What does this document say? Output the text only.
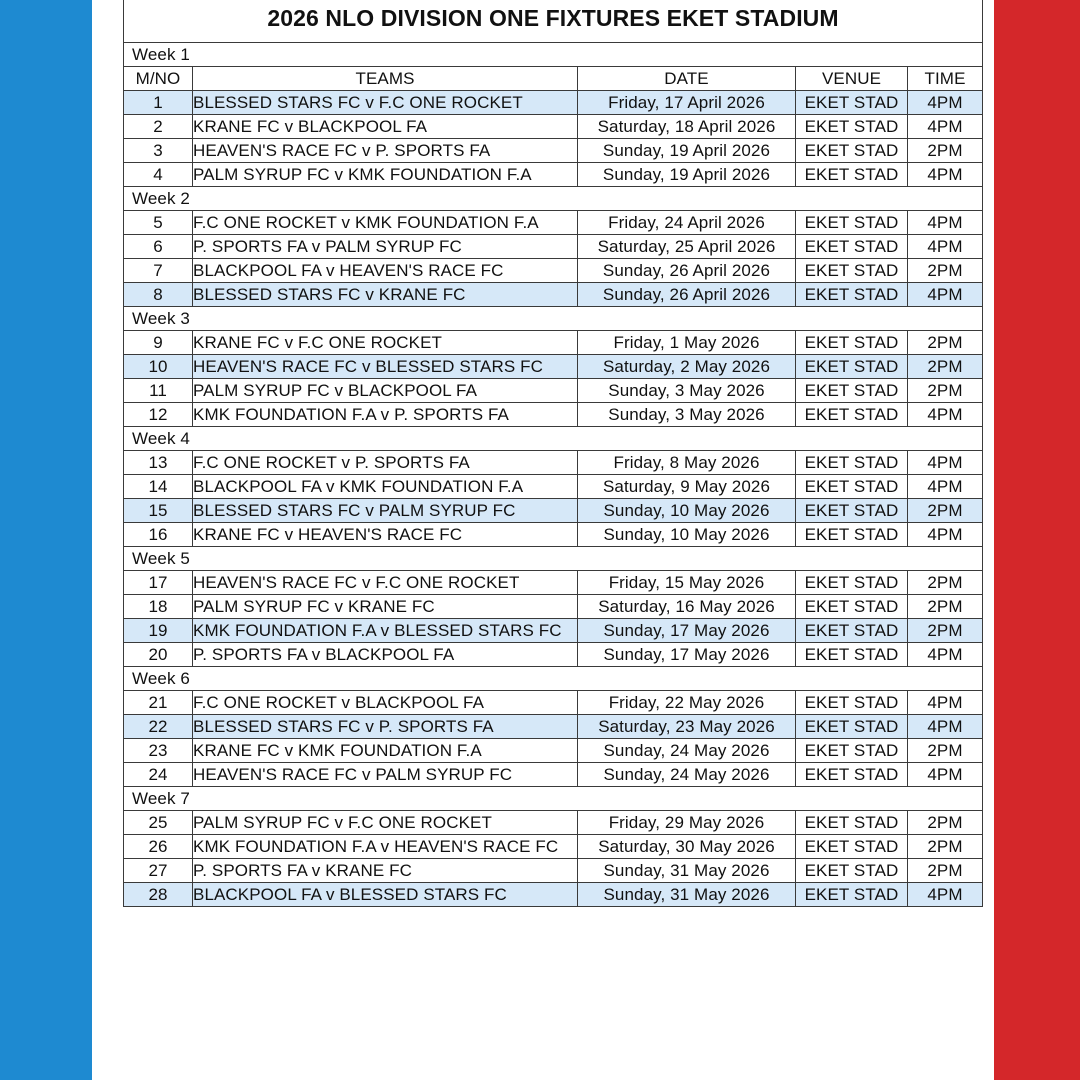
2026 NLO DIVISION ONE FIXTURES EKET STADIUM				
Week 1				
M/NO	TEAMS	DATE	VENUE	TIME
1	BLESSED STARS FC v F.C ONE ROCKET	Friday, 17 April 2026	EKET STAD	4PM
2	KRANE FC v BLACKPOOL FA	Saturday, 18 April 2026	EKET STAD	4PM
3	HEAVEN'S RACE FC v P. SPORTS FA	Sunday, 19 April 2026	EKET STAD	2PM
4	PALM SYRUP FC v KMK FOUNDATION F.A	Sunday, 19 April 2026	EKET STAD	4PM
Week 2				
5	F.C ONE ROCKET v KMK FOUNDATION F.A	Friday, 24 April 2026	EKET STAD	4PM
6	P. SPORTS FA v PALM SYRUP FC	Saturday, 25 April 2026	EKET STAD	4PM
7	BLACKPOOL FA v HEAVEN'S RACE FC	Sunday, 26 April 2026	EKET STAD	2PM
8	BLESSED STARS FC v KRANE FC	Sunday, 26 April 2026	EKET STAD	4PM
Week 3				
9	KRANE FC v F.C ONE ROCKET	Friday, 1 May 2026	EKET STAD	2PM
10	HEAVEN'S RACE FC v BLESSED STARS FC	Saturday, 2 May 2026	EKET STAD	2PM
11	PALM SYRUP FC v BLACKPOOL FA	Sunday, 3 May 2026	EKET STAD	2PM
12	KMK FOUNDATION F.A v P. SPORTS FA	Sunday, 3 May 2026	EKET STAD	4PM
Week 4				
13	F.C ONE ROCKET v P. SPORTS FA	Friday, 8 May 2026	EKET STAD	4PM
14	BLACKPOOL FA v KMK FOUNDATION F.A	Saturday, 9 May 2026	EKET STAD	4PM
15	BLESSED STARS FC v PALM SYRUP FC	Sunday, 10 May 2026	EKET STAD	2PM
16	KRANE FC v HEAVEN'S RACE FC	Sunday, 10 May 2026	EKET STAD	4PM
Week 5				
17	HEAVEN'S RACE FC v F.C ONE ROCKET	Friday, 15 May 2026	EKET STAD	2PM
18	PALM SYRUP FC v KRANE FC	Saturday, 16 May 2026	EKET STAD	2PM
19	KMK FOUNDATION F.A v BLESSED STARS FC	Sunday, 17 May 2026	EKET STAD	2PM
20	P. SPORTS FA v BLACKPOOL FA	Sunday, 17 May 2026	EKET STAD	4PM
Week 6				
21	F.C ONE ROCKET v BLACKPOOL FA	Friday, 22 May 2026	EKET STAD	4PM
22	BLESSED STARS FC v P. SPORTS FA	Saturday, 23 May 2026	EKET STAD	4PM
23	KRANE FC v KMK FOUNDATION F.A	Sunday, 24 May 2026	EKET STAD	2PM
24	HEAVEN'S RACE FC v PALM SYRUP FC	Sunday, 24 May 2026	EKET STAD	4PM
Week 7				
25	PALM SYRUP FC v F.C ONE ROCKET	Friday, 29 May 2026	EKET STAD	2PM
26	KMK FOUNDATION F.A v HEAVEN'S RACE FC	Saturday, 30 May 2026	EKET STAD	2PM
27	P. SPORTS FA v KRANE FC	Sunday, 31 May 2026	EKET STAD	2PM
28	BLACKPOOL FA v BLESSED STARS FC	Sunday, 31 May 2026	EKET STAD	4PM
